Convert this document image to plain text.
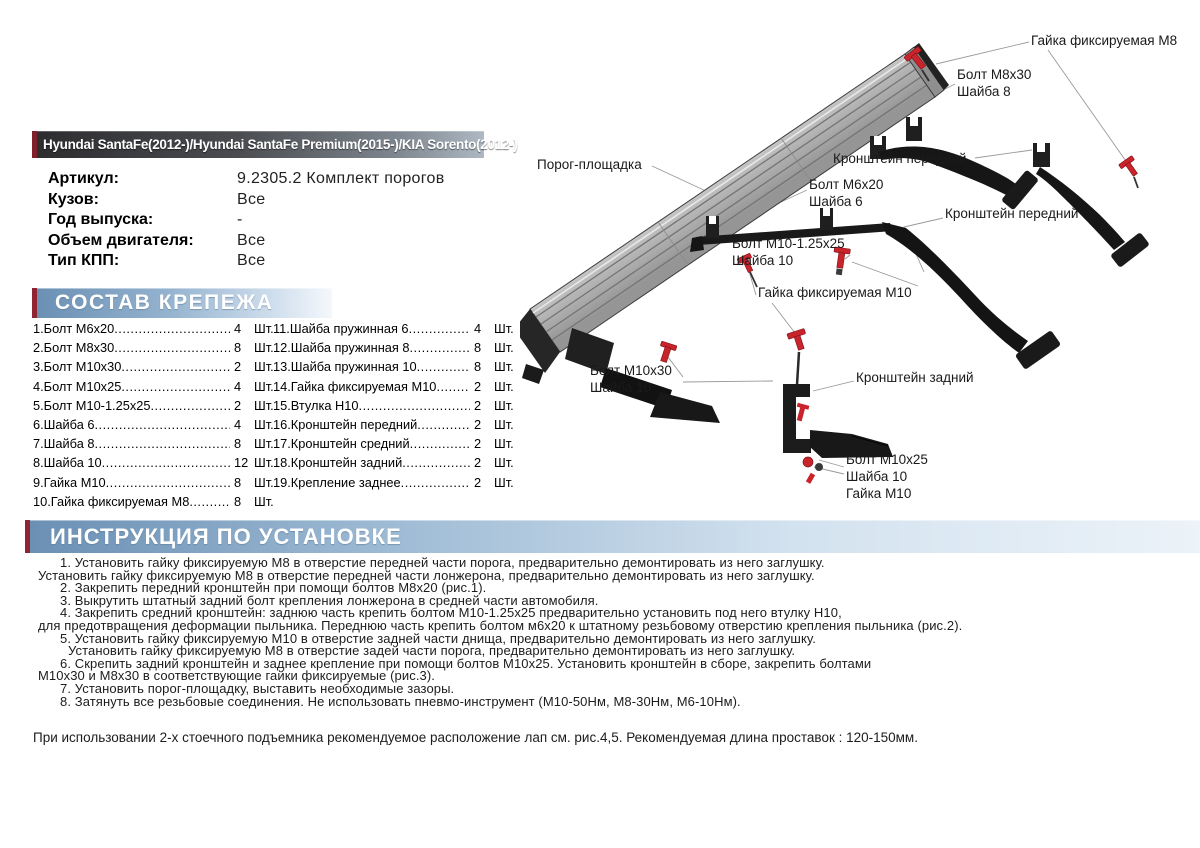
Hyundai SantaFe(2012-)/Hyundai SantaFe Premium(2015-)/KIA Sorento(2012-)
Артикул:	9.2305.2 Комплект порогов
Кузов:	Все
Год выпуска:	-
Объем двигателя:	Все
Тип КПП:	Все
СОСТАВ КРЕПЕЖА
1.Болт М6х20 .....	4	Шт.
2.Болт М8х30 .....	8	Шт.
3.Болт М10х30 .....	2	Шт.
4.Болт М10х25 .....	4	Шт.
5.Болт М10-1.25х25 .....	2	Шт.
6.Шайба 6 .....	4	Шт.
7.Шайба 8 .....	8	Шт.
8.Шайба 10 .....	12 Шт.
9.Гайка М10 .....	8	Шт.
10.Гайка фиксируемая М8 .....	8	Шт.
11.Шайба пружинная 6 .....	4	Шт.
12.Шайба пружинная 8 .....	8	Шт.
13.Шайба пружинная 10 .....	8	Шт.
14.Гайка фиксируемая М10 .....	2	Шт.
15.Втулка Н10 .....	2	Шт.
16.Кронштейн передний .....	2	Шт.
17.Кронштейн средний .....	2	Шт.
18.Кронштейн задний .....	2	Шт.
19.Крепление заднее .....	2	Шт.
ИНСТРУКЦИЯ ПО УСТАНОВКЕ
1. Установить гайку фиксируемую М8 в отверстие передней части порога, предварительно демонтировать из него заглушку.
Установить гайку фиксируемую М8 в отверстие передней части лонжерона, предварительно демонтировать из него заглушку.
2. Закрепить передний кронштейн при помощи болтов М8х20 (рис.1).
3. Выкрутить штатный задний болт крепления лонжерона в средней части автомобиля.
4. Закрепить средний кронштейн: заднюю часть крепить болтом М10-1.25х25 предварительно установить под него втулку Н10,
для предотвращения деформации пыльника. Переднюю часть крепить болтом м6х20 к штатному резьбовому отверстию крепления пыльника (рис.2).
5. Установить гайку фиксируемую М10 в отверстие задней части днища, предварительно демонтировать из него заглушку.
Установить гайку фиксируемую М8 в отверстие задей части порога, предварительно демонтировать из него заглушку.
6. Скрепить задний кронштейн и заднее крепление при помощи болтов М10х25. Установить кронштейн в сборе, закрепить болтами
М10х30 и М8х30 в соответствующие гайки фиксируемые (рис.3).
7. Установить порог-площадку, выставить необходимые зазоры.
8. Затянуть все резьбовые соединения. Не использовать пневмо-инструмент (М10-50Нм, М8-30Нм, М6-10Нм).
При использовании 2-х стоечного подъемника рекомендуемое расположение лап см. рис.4,5. Рекомендуемая длина проставок : 120-150мм.
Порог-площадка
Гайка фиксируемая М8
Болт М8х30
Шайба 8
Кронштейн передний
Болт М6х20
Шайба 6
Кронштейн передний
Болт М10-1.25х25
Шайба 10
Гайка фиксируемая М10
Болт М10х30
Шайба 10
Кронштейн задний
Болт М10х25
Шайба 10
Гайка М10
